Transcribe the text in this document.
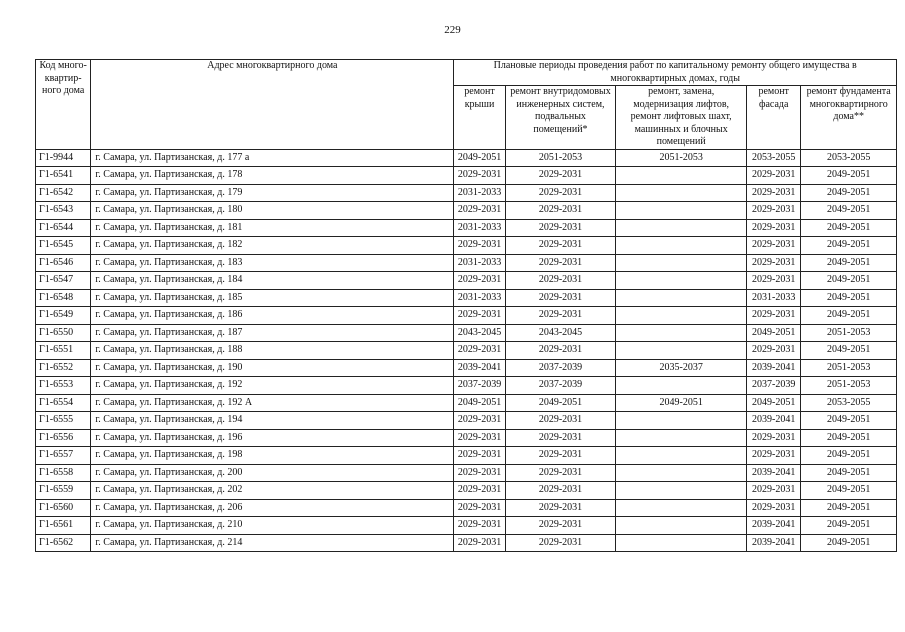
229
Код много-квартир-ного дома	Адрес многоквартирного дома	Плановые периоды проведения работ по капитальному ремонту общего имущества в многоквартирных домах, годы				
		ремонт крыши	ремонт внутридомовых инженерных систем, подвальных помещений*	ремонт, замена, модернизация лифтов, ремонт лифтовых шахт, машинных и блочных помещений	ремонт фасада	ремонт фундамента многоквартирного дома**
Г1-9944	г. Самара, ул. Партизанская, д. 177 а	2049-2051	2051-2053	2051-2053	2053-2055	2053-2055
Г1-6541	г. Самара, ул. Партизанская, д. 178	2029-2031	2029-2031		2029-2031	2049-2051
Г1-6542	г. Самара, ул. Партизанская, д. 179	2031-2033	2029-2031		2029-2031	2049-2051
Г1-6543	г. Самара, ул. Партизанская, д. 180	2029-2031	2029-2031		2029-2031	2049-2051
Г1-6544	г. Самара, ул. Партизанская, д. 181	2031-2033	2029-2031		2029-2031	2049-2051
Г1-6545	г. Самара, ул. Партизанская, д. 182	2029-2031	2029-2031		2029-2031	2049-2051
Г1-6546	г. Самара, ул. Партизанская, д. 183	2031-2033	2029-2031		2029-2031	2049-2051
Г1-6547	г. Самара, ул. Партизанская, д. 184	2029-2031	2029-2031		2029-2031	2049-2051
Г1-6548	г. Самара, ул. Партизанская, д. 185	2031-2033	2029-2031		2031-2033	2049-2051
Г1-6549	г. Самара, ул. Партизанская, д. 186	2029-2031	2029-2031		2029-2031	2049-2051
Г1-6550	г. Самара, ул. Партизанская, д. 187	2043-2045	2043-2045		2049-2051	2051-2053
Г1-6551	г. Самара, ул. Партизанская, д. 188	2029-2031	2029-2031		2029-2031	2049-2051
Г1-6552	г. Самара, ул. Партизанская, д. 190	2039-2041	2037-2039	2035-2037	2039-2041	2051-2053
Г1-6553	г. Самара, ул. Партизанская, д. 192	2037-2039	2037-2039		2037-2039	2051-2053
Г1-6554	г. Самара, ул. Партизанская, д. 192 А	2049-2051	2049-2051	2049-2051	2049-2051	2053-2055
Г1-6555	г. Самара, ул. Партизанская, д. 194	2029-2031	2029-2031		2039-2041	2049-2051
Г1-6556	г. Самара, ул. Партизанская, д. 196	2029-2031	2029-2031		2029-2031	2049-2051
Г1-6557	г. Самара, ул. Партизанская, д. 198	2029-2031	2029-2031		2029-2031	2049-2051
Г1-6558	г. Самара, ул. Партизанская, д. 200	2029-2031	2029-2031		2039-2041	2049-2051
Г1-6559	г. Самара, ул. Партизанская, д. 202	2029-2031	2029-2031		2029-2031	2049-2051
Г1-6560	г. Самара, ул. Партизанская, д. 206	2029-2031	2029-2031		2029-2031	2049-2051
Г1-6561	г. Самара, ул. Партизанская, д. 210	2029-2031	2029-2031		2039-2041	2049-2051
Г1-6562	г. Самара, ул. Партизанская, д. 214	2029-2031	2029-2031		2039-2041	2049-2051
